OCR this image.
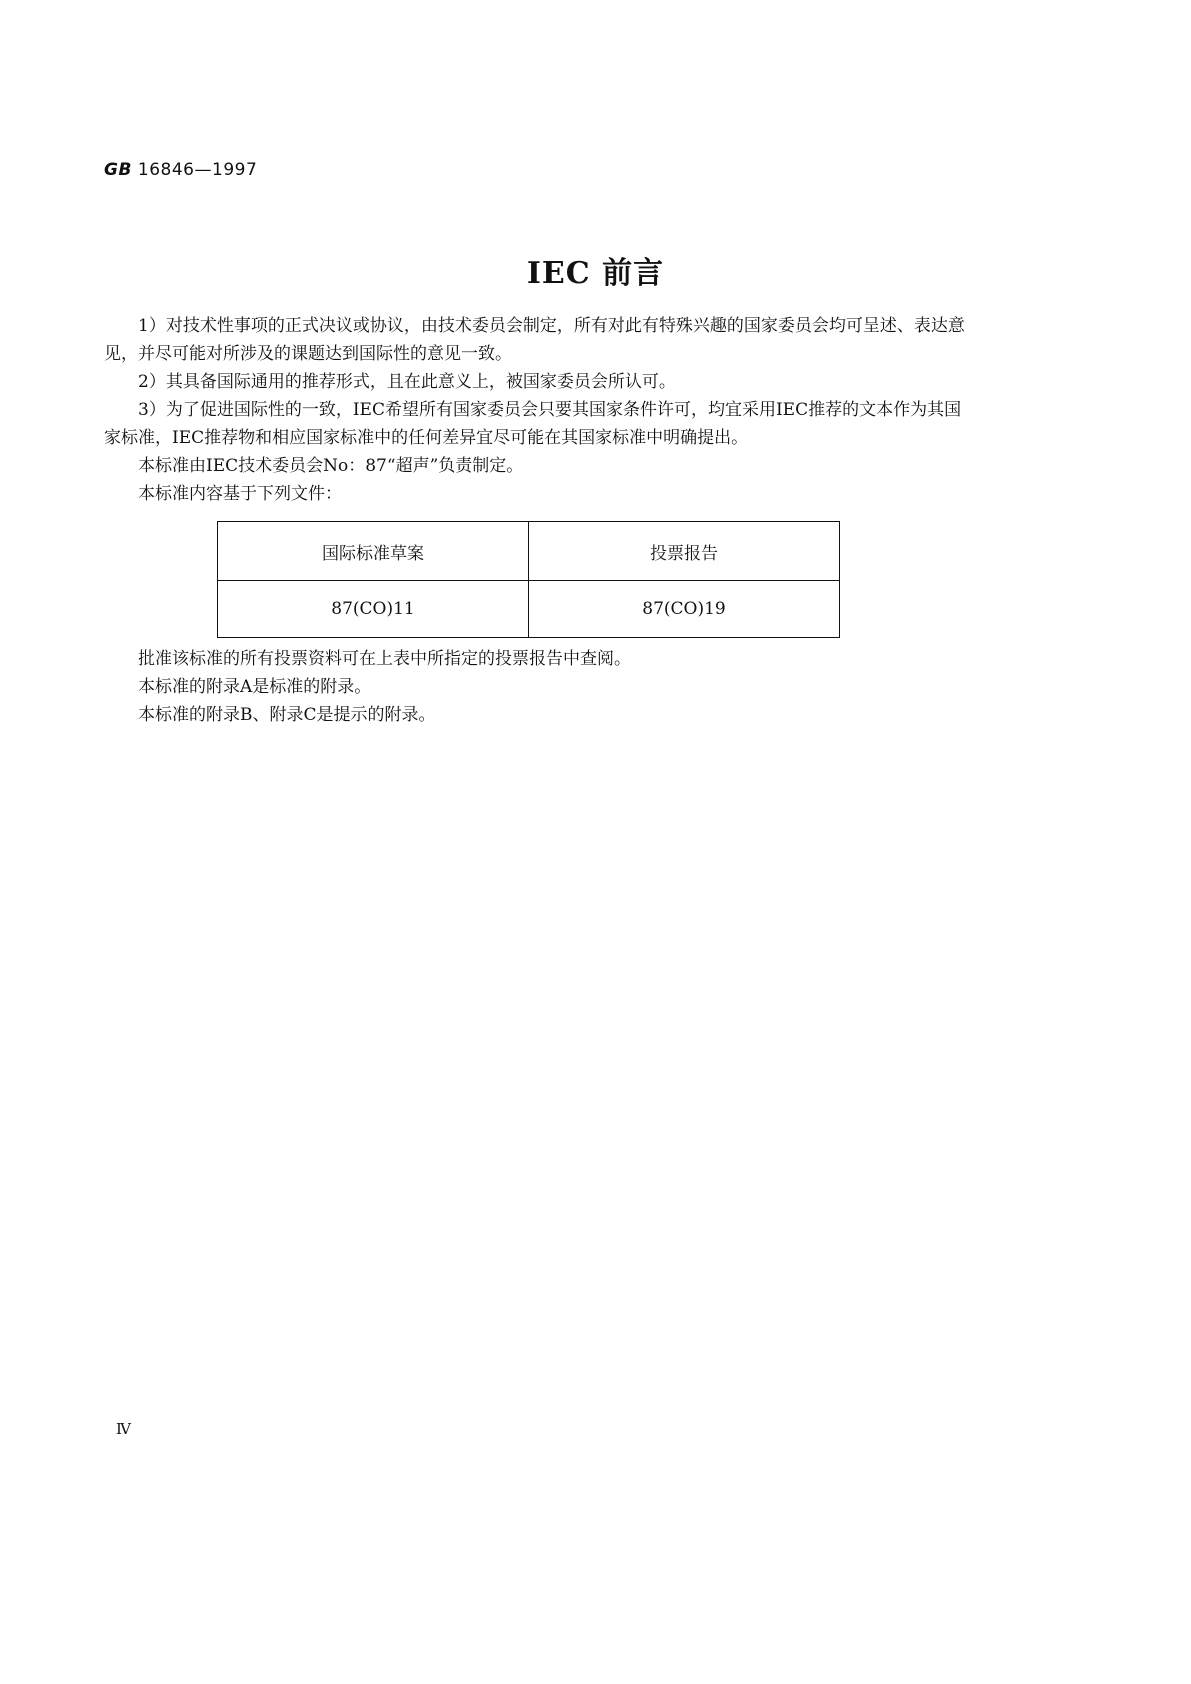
GB 16846—1997
IEC 前言

1）对技术性事项的正式决议或协议，由技术委员会制定，所有对此有特殊兴趣的国家委员会均可呈述、表达意见，并尽可能对所涉及的课题达到国际性的意见一致。

2）其具备国际通用的推荐形式，且在此意义上，被国家委员会所认可。

3）为了促进国际性的一致，IEC希望所有国家委员会只要其国家条件许可，均宜采用IEC推荐的文本作为其国家标准，IEC推荐物和相应国家标准中的任何差异宜尽可能在其国家标准中明确提出。

本标准由IEC技术委员会No：87“超声”负责制定。

本标准内容基于下列文件：

国际标准草案	投票报告
87(CO)11	87(CO)19

批准该标准的所有投票资料可在上表中所指定的投票报告中查阅。

本标准的附录A是标准的附录。

本标准的附录B、附录C是提示的附录。

Ⅳ
